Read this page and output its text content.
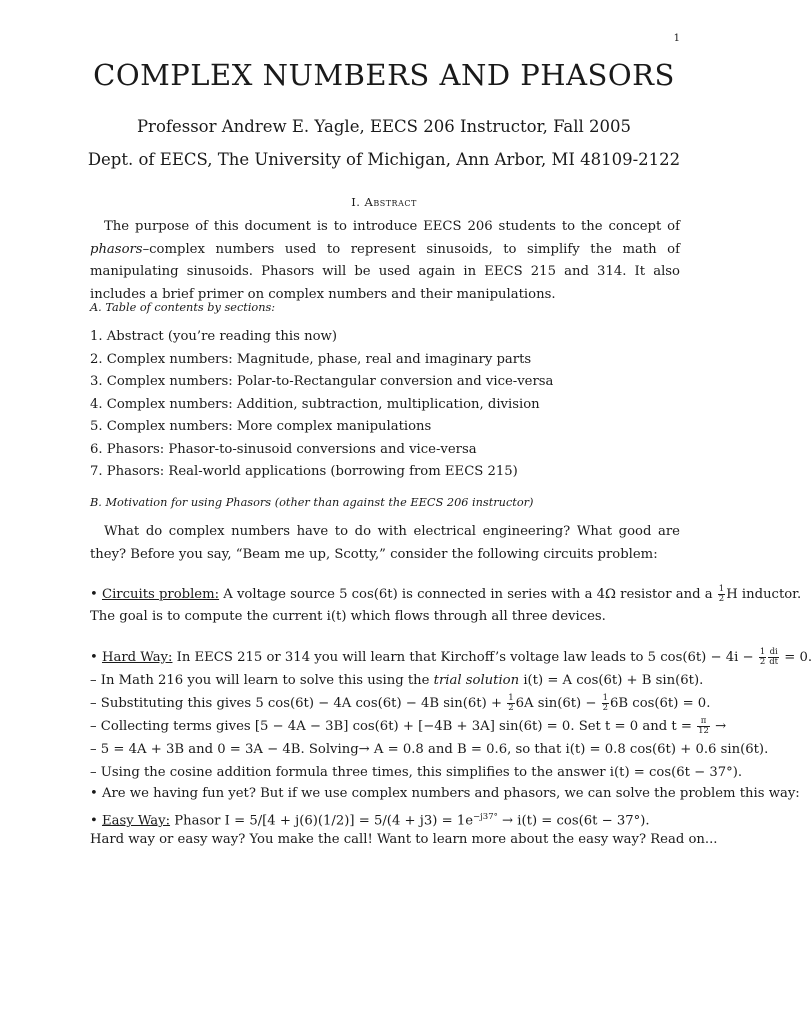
1
COMPLEX NUMBERS AND PHASORS
Professor Andrew E. Yagle, EECS 206 Instructor, Fall 2005
Dept. of EECS, The University of Michigan, Ann Arbor, MI 48109-2122
I. Abstract
The purpose of this document is to introduce EECS 206 students to the concept of phasors–complex numbers used to represent sinusoids, to simplify the math of manipulating sinusoids. Phasors will be used again in EECS 215 and 314. It also includes a brief primer on complex numbers and their manipulations.
A. Table of contents by sections:
1. Abstract (you’re reading this now)
2. Complex numbers: Magnitude, phase, real and imaginary parts
3. Complex numbers: Polar-to-Rectangular conversion and vice-versa
4. Complex numbers: Addition, subtraction, multiplication, division
5. Complex numbers: More complex manipulations
6. Phasors: Phasor-to-sinusoid conversions and vice-versa
7. Phasors: Real-world applications (borrowing from EECS 215)
B. Motivation for using Phasors (other than against the EECS 206 instructor)
What do complex numbers have to do with electrical engineering? What good are they? Before you say, “Beam me up, Scotty,” consider the following circuits problem:
• Circuits problem: A voltage source 5 cos(6t) is connected in series with a 4Ω resistor and a $\frac{1}{2}$ H inductor.
The goal is to compute the current i(t) which flows through all three devices.
• Hard Way: In EECS 215 or 314 you will learn that Kirchoff’s voltage law leads to 5 $\cos(6t) - 4i - \frac{1}{2} \frac{di}{dt} = 0$.
– In Math 216 you will learn to solve this using the trial solution i(t) = A cos(6t) + B sin(6t).
– Substituting this gives 5 cos(6t) − 4A cos(6t) − 4B $\sin(6t) + \frac{1}{2} 6A$ $\sin(6t) - \frac{1}{2} 6B$ cos(6t) = 0.
– Collecting terms gives [5 − 4A − 3B] cos(6t) + [−4B + 3A] sin(6t) = 0. Set t = 0 and $t = \frac{\pi}{12}$ →
– 5 = 4A + 3B and 0 = 3A − 4B. Solving→ A = 0.8 and B = 0.6, so that i(t) = 0.8 cos(6t) + 0.6 sin(6t).
– Using the cosine addition formula three times, this simplifies to the answer i(t) = cos(6t − 37°).
• Are we having fun yet? But if we use complex numbers and phasors, we can solve the problem this way:
• Easy Way: Phasor $I = 5/[4 + j(6)(1/2)] = 5/(4 + j3) = 1e^{-j37^\circ} \to i(t) = \cos(6t - 37^\circ)$.
Hard way or easy way? You make the call! Want to learn more about the easy way? Read on...
